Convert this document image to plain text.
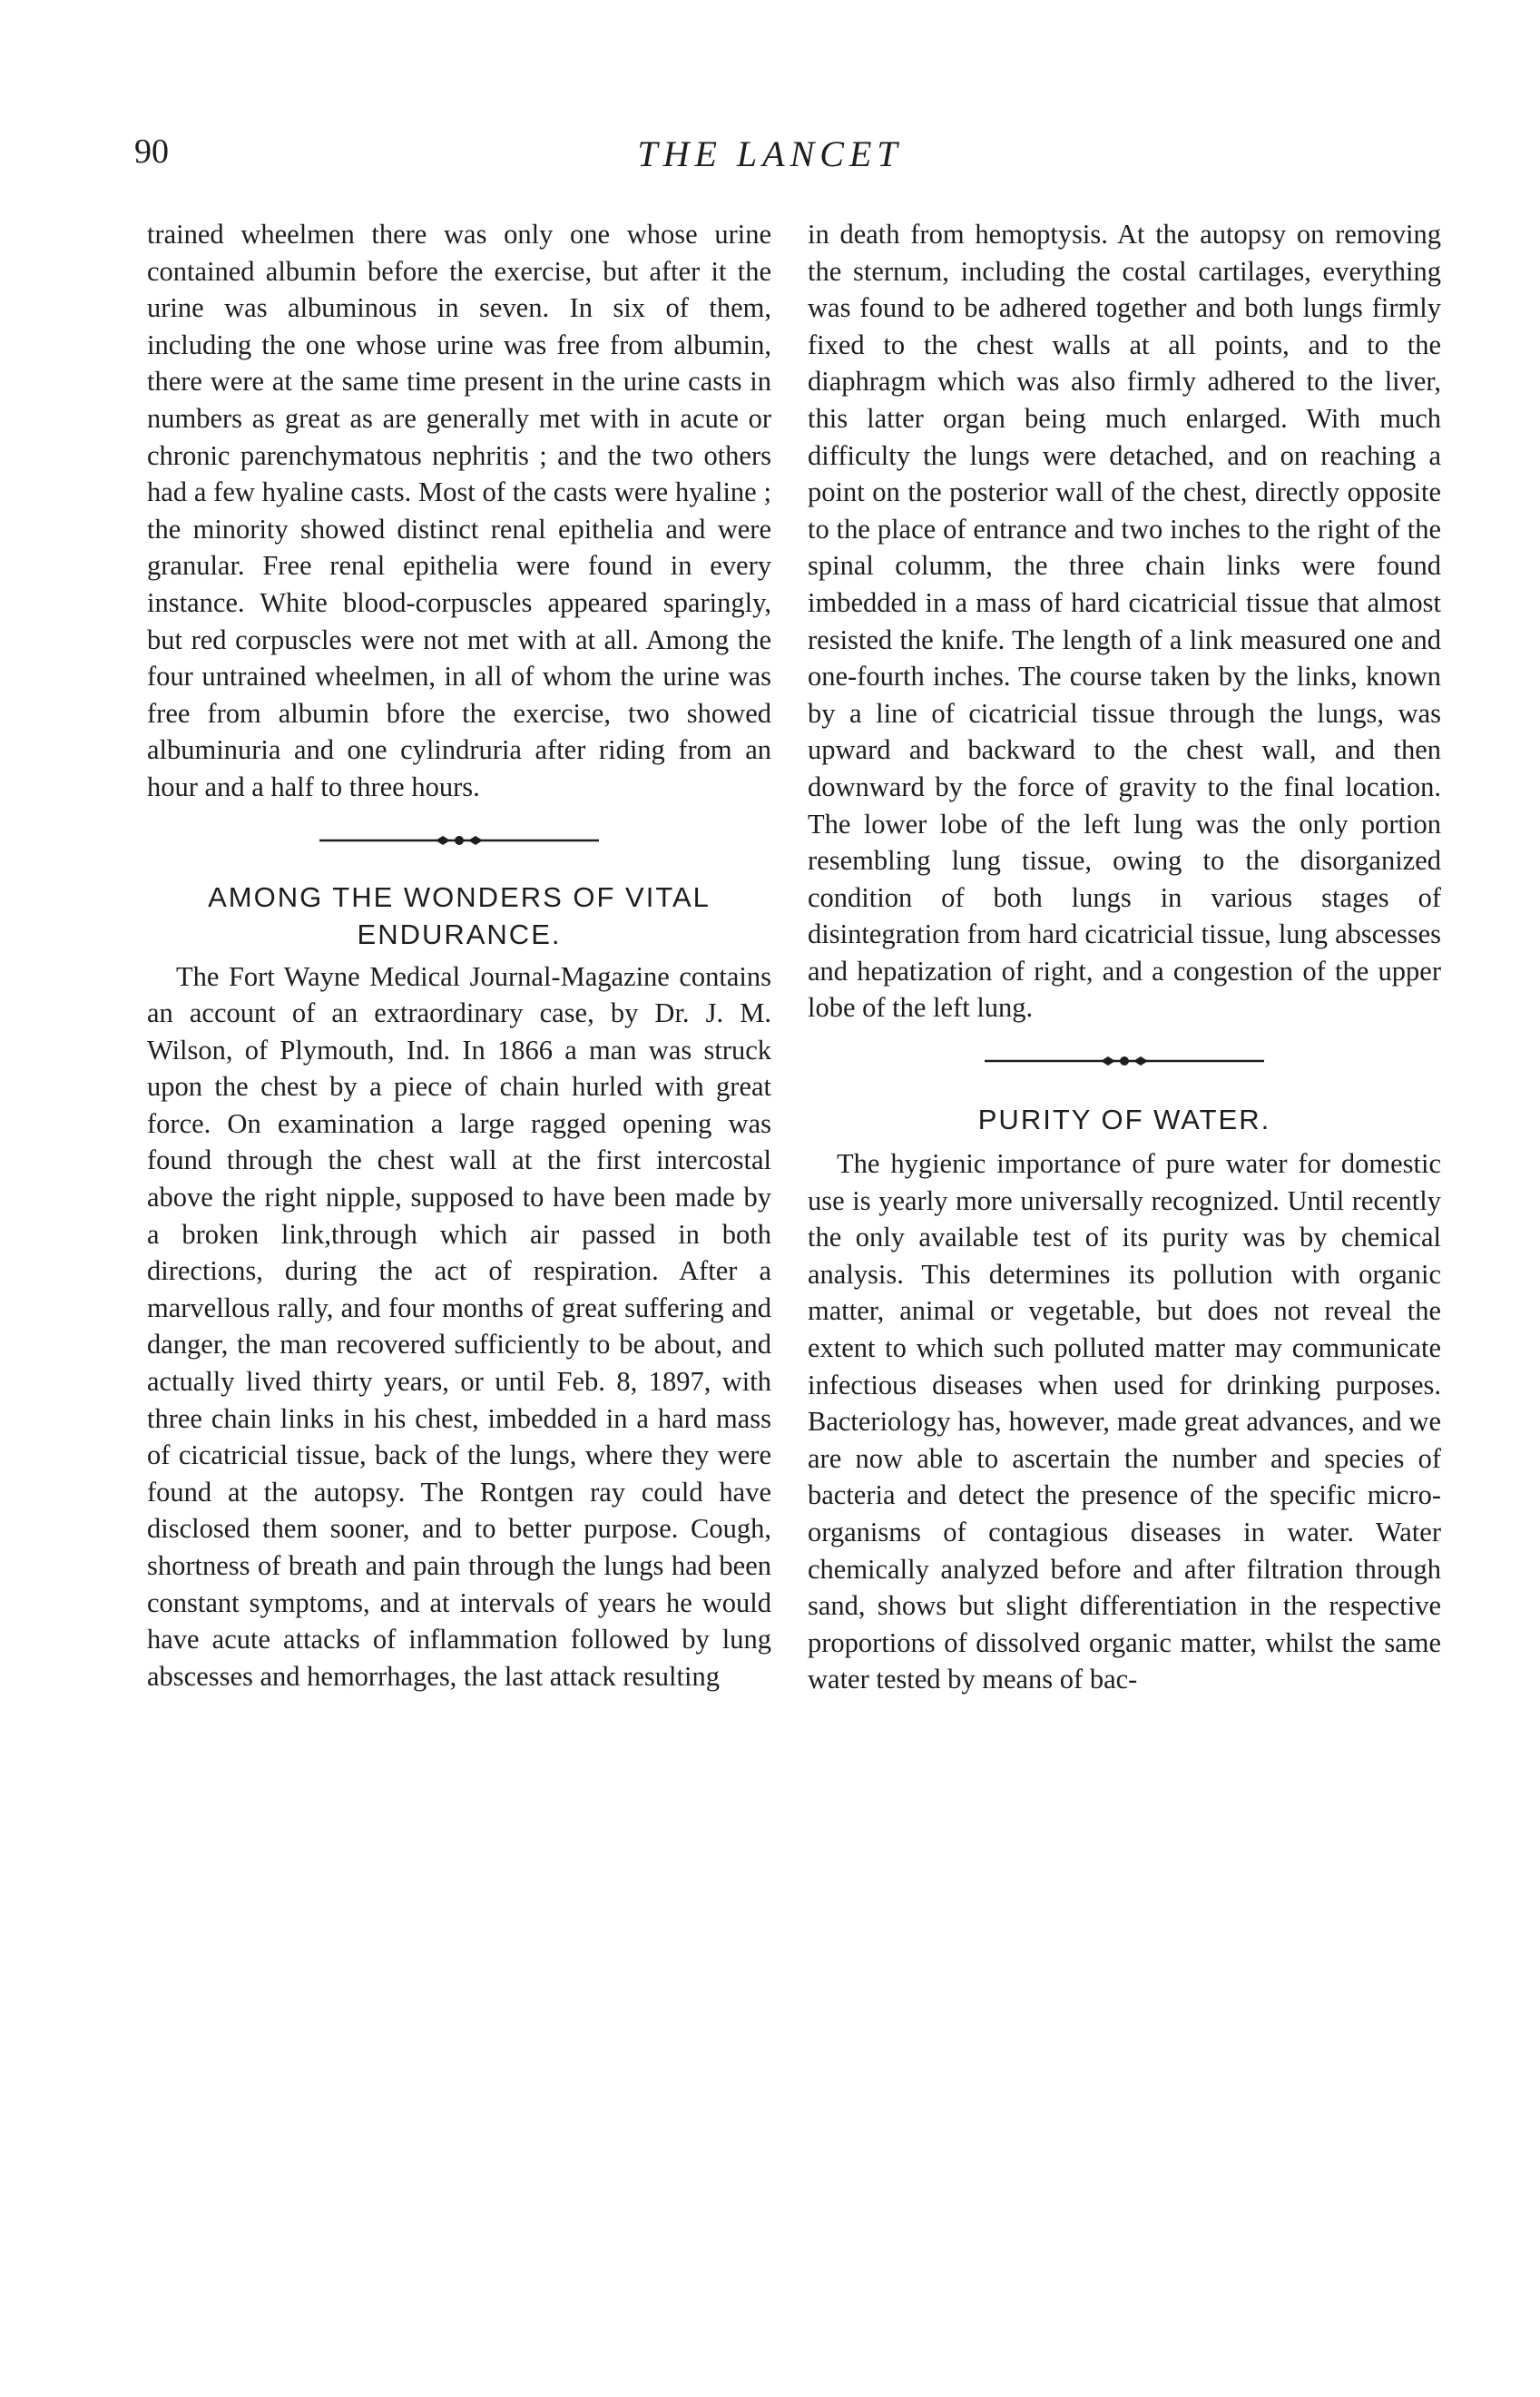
90	THE LANCET

trained wheelmen there was only one whose urine contained albumin before the exercise, but after it the urine was albuminous in seven. In six of them, including the one whose urine was free from albumin, there were at the same time present in the urine casts in numbers as great as are generally met with in acute or chronic parenchymatous nephritis ; and the two others had a few hyaline casts. Most of the casts were hyaline ; the minority showed distinct renal epithelia and were granular. Free renal epithelia were found in every instance. White blood-corpuscles appeared sparingly, but red corpuscles were not met with at all. Among the four untrained wheelmen, in all of whom the urine was free from albumin bfore the exercise, two showed albuminuria and one cylindruria after riding from an hour and a half to three hours.

AMONG THE WONDERS OF VITAL ENDURANCE.

The Fort Wayne Medical Journal-Magazine contains an account of an extraordinary case, by Dr. J. M. Wilson, of Plymouth, Ind. In 1866 a man was struck upon the chest by a piece of chain hurled with great force. On examination a large ragged opening was found through the chest wall at the first intercostal above the right nipple, supposed to have been made by a broken link,through which air passed in both directions, during the act of respiration. After a marvellous rally, and four months of great suffering and danger, the man recovered sufficiently to be about, and actually lived thirty years, or until Feb. 8, 1897, with three chain links in his chest, imbedded in a hard mass of cicatricial tissue, back of the lungs, where they were found at the autopsy. The Rontgen ray could have disclosed them sooner, and to better purpose. Cough, shortness of breath and pain through the lungs had been constant symptoms, and at intervals of years he would have acute attacks of inflammation followed by lung abscesses and hemorrhages, the last attack resulting

in death from hemoptysis. At the autopsy on removing the sternum, including the costal cartilages, everything was found to be adhered together and both lungs firmly fixed to the chest walls at all points, and to the diaphragm which was also firmly adhered to the liver, this latter organ being much enlarged. With much difficulty the lungs were detached, and on reaching a point on the posterior wall of the chest, directly opposite to the place of entrance and two inches to the right of the spinal columm, the three chain links were found imbedded in a mass of hard cicatricial tissue that almost resisted the knife. The length of a link measured one and one-fourth inches. The course taken by the links, known by a line of cicatricial tissue through the lungs, was upward and backward to the chest wall, and then downward by the force of gravity to the final location. The lower lobe of the left lung was the only portion resembling lung tissue, owing to the disorganized condition of both lungs in various stages of disintegration from hard cicatricial tissue, lung abscesses and hepatization of right, and a congestion of the upper lobe of the left lung.

PURITY OF WATER.

The hygienic importance of pure water for domestic use is yearly more universally recognized. Until recently the only available test of its purity was by chemical analysis. This determines its pollution with organic matter, animal or vegetable, but does not reveal the extent to which such polluted matter may communicate infectious diseases when used for drinking purposes. Bacteriology has, however, made great advances, and we are now able to ascertain the number and species of bacteria and detect the presence of the specific micro-organisms of contagious diseases in water. Water chemically analyzed before and after filtration through sand, shows but slight differentiation in the respective proportions of dissolved organic matter, whilst the same water tested by means of bac-
